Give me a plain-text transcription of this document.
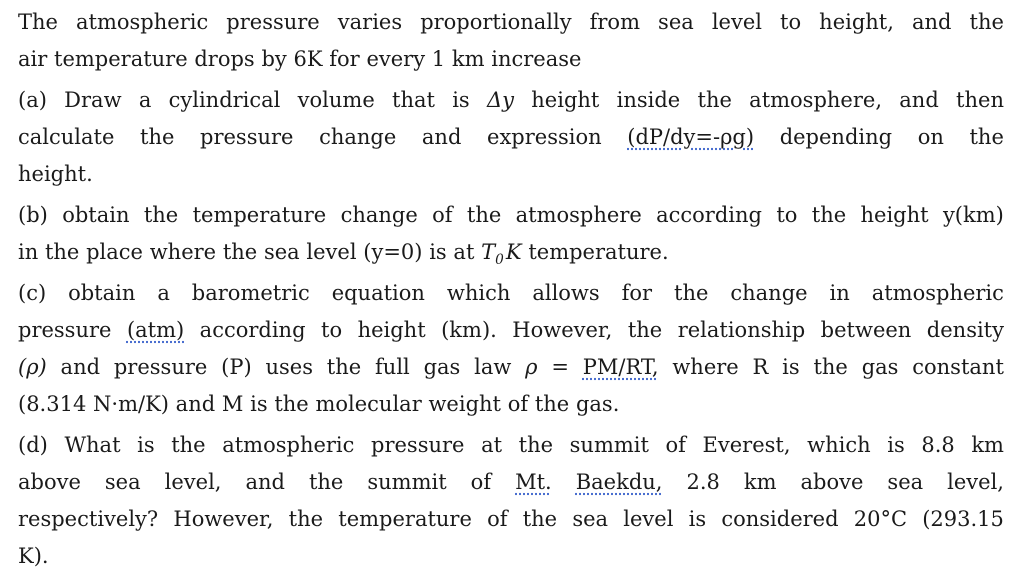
The atmospheric pressure varies proportionally from sea level to height, and the
air temperature drops by 6K for every 1 km increase
(a) Draw a cylindrical volume that is Δy height inside the atmosphere, and then
calculate the pressure change and expression (dP/dy=-ρg) depending on the
height.
(b) obtain the temperature change of the atmosphere according to the height y(km)
in the place where the sea level (y=0) is at $T_0$ K temperature.
(c) obtain a barometric equation which allows for the change in atmospheric
pressure (atm) according to height (km). However, the relationship between density
(ρ) and pressure (P) uses the full gas law ρ = PM/RT, where R is the gas constant
(8.314 N·m/K) and M is the molecular weight of the gas.
(d) What is the atmospheric pressure at the summit of Everest, which is 8.8 km
above sea level, and the summit of Mt. Baekdu, 2.8 km above sea level,
respectively? However, the temperature of the sea level is considered 20°C (293.15
K).
